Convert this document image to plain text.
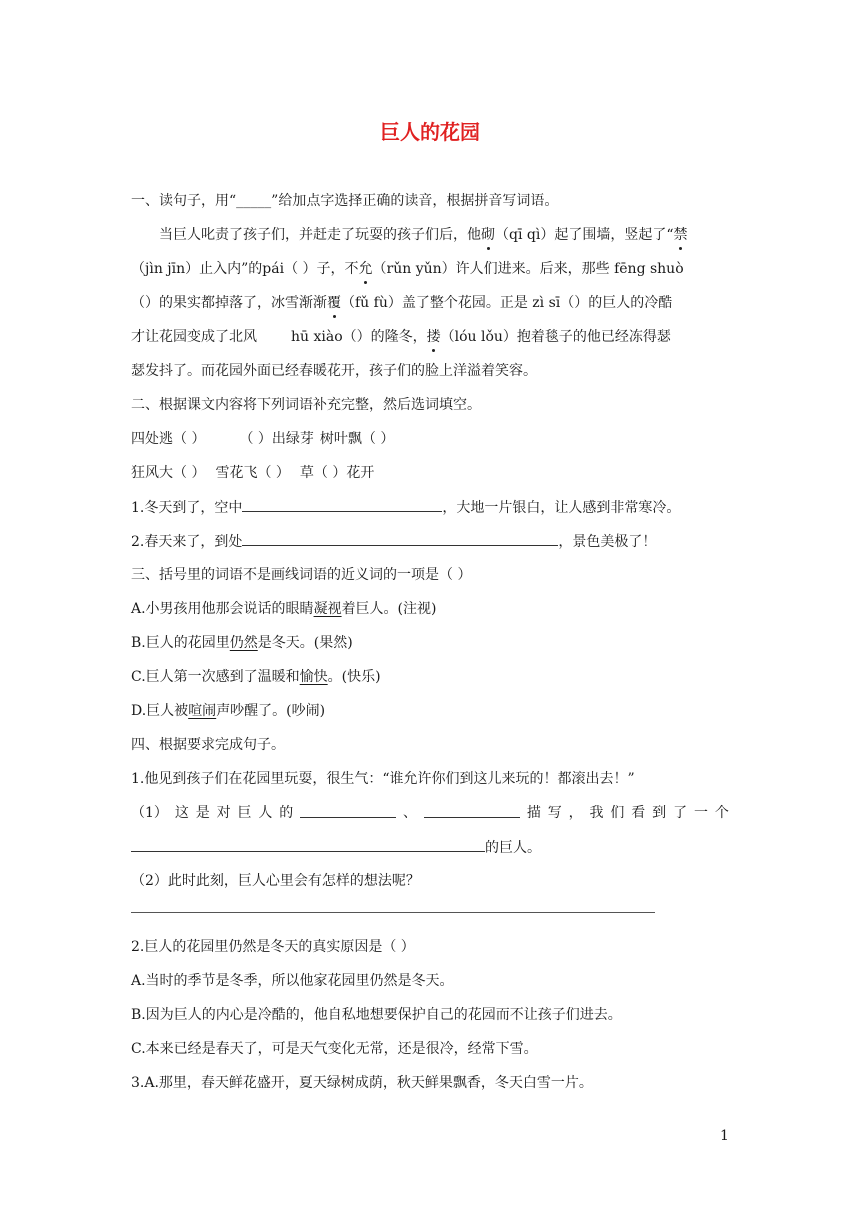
巨人的花园
一、读句子，用“_____”给加点字选择正确的读音，根据拼音写词语。
当巨人叱责了孩子们，并赶走了玩耍的孩子们后，他砌（qī qì）起了围墙，竖起了“禁
（jìn jīn）止入内”的pái（ ）子，不允（rǔn yǔn）许人们进来。后来，那些 fēng shuò
（）的果实都掉落了，冰雪渐渐覆（fǔ fù）盖了整个花园。正是 zì sī（）的巨人的冷酷
才让花园变成了北风 hū xiào（）的隆冬，搂（lóu lǒu）抱着毯子的他已经冻得瑟
瑟发抖了。而花园外面已经春暖花开，孩子们的脸上洋溢着笑容。
二、根据课文内容将下列词语补充完整，然后选词填空。
四处逃（ ） （ ）出绿芽 树叶飘（ ）
狂风大（ ） 雪花飞（ ） 草（ ）花开
1.冬天到了，空中	，大地一片银白，让人感到非常寒冷。
2.春天来了，到处	，景色美极了！
三、括号里的词语不是画线词语的近义词的一项是（ ）
A.小男孩用他那会说话的眼睛凝视着巨人。(注视)
B.巨人的花园里仍然是冬天。(果然)
C.巨人第一次感到了温暖和愉快。(快乐)
D.巨人被喧闹声吵醒了。(吵闹)
四、根据要求完成句子。
1.他见到孩子们在花园里玩耍，很生气：“谁允许你们到这儿来玩的！都滚出去！”
（1） 这 是 对 巨 人 的	、	描 写 ， 我 们 看 到 了 一 个
的巨人。
（2）此时此刻，巨人心里会有怎样的想法呢？
2.巨人的花园里仍然是冬天的真实原因是（ ）
A.当时的季节是冬季，所以他家花园里仍然是冬天。
B.因为巨人的内心是冷酷的，他自私地想要保护自己的花园而不让孩子们进去。
C.本来已经是春天了，可是天气变化无常，还是很冷，经常下雪。
3.A.那里，春天鲜花盛开，夏天绿树成荫，秋天鲜果飘香，冬天白雪一片。
1
